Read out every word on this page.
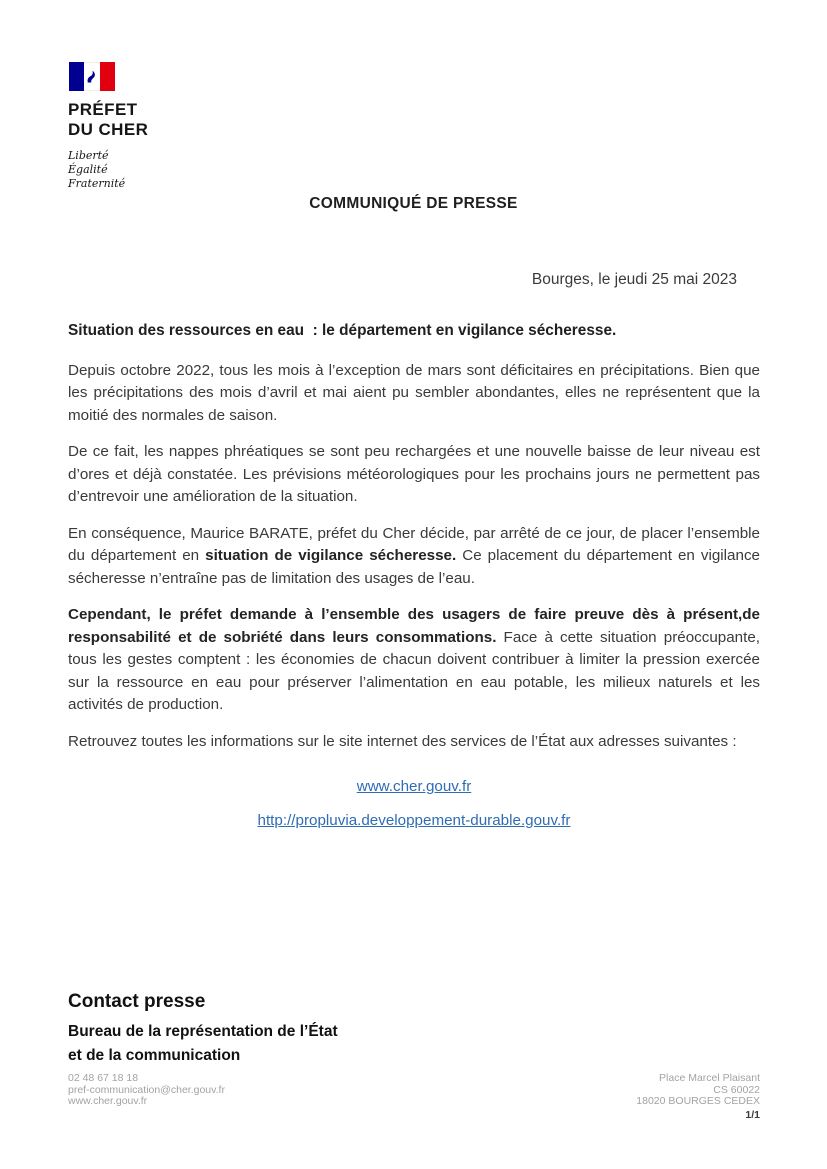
PRÉFET
DU CHER
Liberté
Égalité
Fraternité
COMMUNIQUÉ DE PRESSE
Bourges, le jeudi 25 mai 2023
Situation des ressources en eau  : le département en vigilance sécheresse.

Depuis octobre 2022, tous les mois à l’exception de mars sont déficitaires en précipitations. Bien que les précipitations des mois d’avril et mai aient pu sembler abondantes, elles ne représentent que la moitié des normales de saison.

De ce fait, les nappes phréatiques se sont peu rechargées et une nouvelle baisse de leur niveau est d’ores et déjà constatée. Les prévisions météorologiques pour les prochains jours ne permettent pas d’entrevoir une amélioration de la situation.

En conséquence, Maurice BARATE, préfet du Cher décide, par arrêté de ce jour, de placer l’ensemble du département en situation de vigilance sécheresse. Ce placement du département en vigilance sécheresse n’entraîne pas de limitation des usages de l’eau.

Cependant, le préfet demande à l’ensemble des usagers de faire preuve dès à présent,de responsabilité et de sobriété dans leurs consommations. Face à cette situation préoccupante, tous les gestes comptent : les économies de chacun doivent contribuer à limiter la pression exercée sur la ressource en eau pour préserver l’alimentation en eau potable, les milieux naturels et les activités de production.

Retrouvez toutes les informations sur le site internet des services de l’État aux adresses suivantes :

www.cher.gouv.fr
http://propluvia.developpement-durable.gouv.fr
Contact presse
Bureau de la représentation de l’État
et de la communication
02 48 67 18 18
pref-communication@cher.gouv.fr
www.cher.gouv.fr
Place Marcel Plaisant
CS 60022
18020 BOURGES CEDEX
1/1
